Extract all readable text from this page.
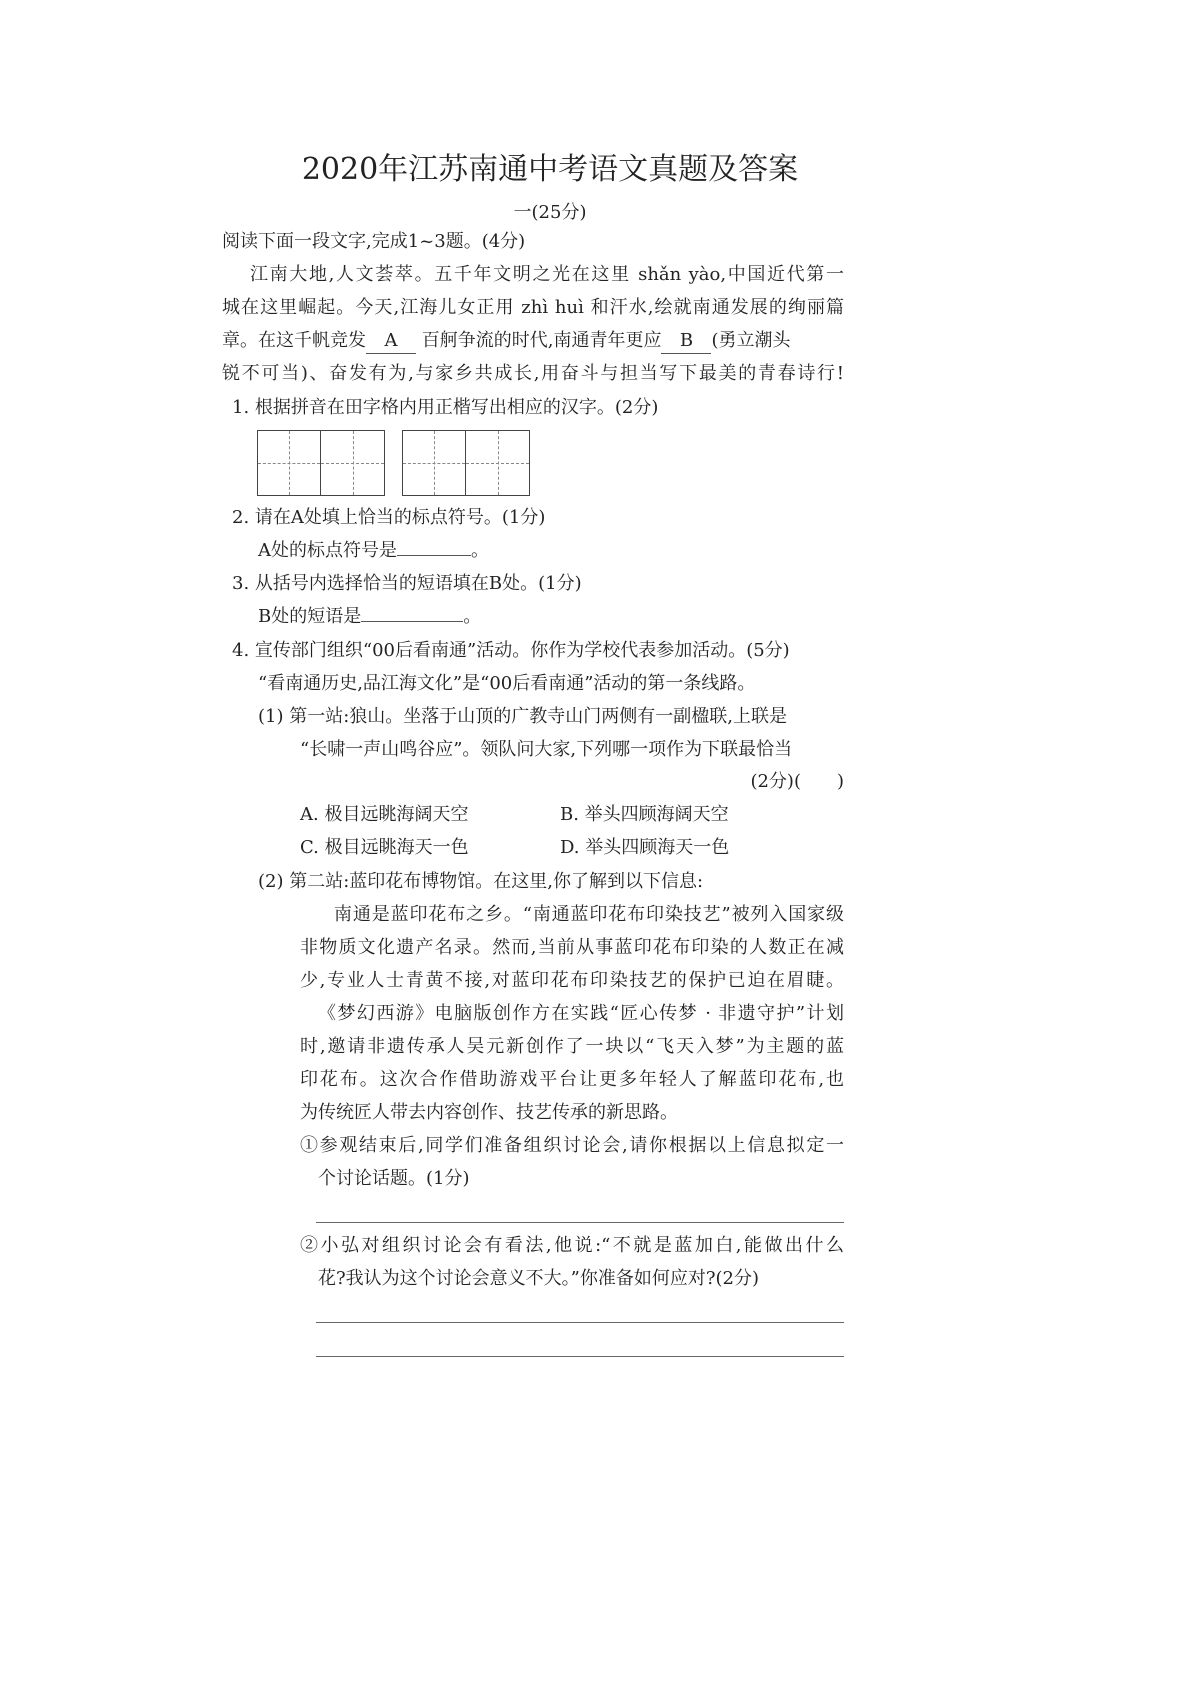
2020年江苏南通中考语文真题及答案
一(25分)
阅读下面一段文字,完成1~3题。(4分)
江南大地,人文荟萃。五千年文明之光在这里 shǎn yào,中国近代第一
城在这里崛起。今天,江海儿女正用 zhì huì 和汗水,绘就南通发展的绚丽篇
章。在这千帆竞发 A 百舸争流的时代,南通青年更应 B (勇立潮头
锐不可当)、奋发有为,与家乡共成长,用奋斗与担当写下最美的青春诗行!
1. 根据拼音在田字格内用正楷写出相应的汉字。(2分)
2. 请在A处填上恰当的标点符号。(1分)
A处的标点符号是	。
3. 从括号内选择恰当的短语填在B处。(1分)
B处的短语是	。
4. 宣传部门组织“00后看南通”活动。你作为学校代表参加活动。(5分)
“看南通历史,品江海文化”是“00后看南通”活动的第一条线路。
(1) 第一站:狼山。坐落于山顶的广教寺山门两侧有一副楹联,上联是
“长啸一声山鸣谷应”。领队问大家,下列哪一项作为下联最恰当
(2分)(　　)
A. 极目远眺海阔天空	B. 举头四顾海阔天空
C. 极目远眺海天一色	D. 举头四顾海天一色
(2) 第二站:蓝印花布博物馆。在这里,你了解到以下信息:
南通是蓝印花布之乡。“南通蓝印花布印染技艺”被列入国家级
非物质文化遗产名录。然而,当前从事蓝印花布印染的人数正在减
少,专业人士青黄不接,对蓝印花布印染技艺的保护已迫在眉睫。
《梦幻西游》电脑版创作方在实践“匠心传梦 · 非遗守护”计划
时,邀请非遗传承人吴元新创作了一块以“飞天入梦”为主题的蓝
印花布。这次合作借助游戏平台让更多年轻人了解蓝印花布,也
为传统匠人带去内容创作、技艺传承的新思路。
①参观结束后,同学们准备组织讨论会,请你根据以上信息拟定一
个讨论话题。(1分)
②小弘对组织讨论会有看法,他说:“不就是蓝加白,能做出什么
花?我认为这个讨论会意义不大。”你准备如何应对?(2分)
